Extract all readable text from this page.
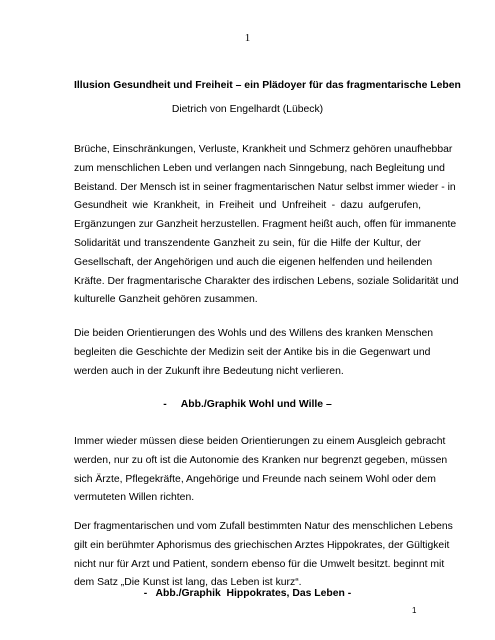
1
Illusion Gesundheit und Freiheit – ein Plädoyer für das fragmentarische Leben
Dietrich von Engelhardt (Lübeck)
Brüche, Einschränkungen, Verluste, Krankheit und Schmerz gehören unaufhebbar
zum menschlichen Leben und verlangen nach Sinngebung, nach Begleitung und
Beistand. Der Mensch ist in seiner fragmentarischen Natur selbst immer wieder - in
Gesundheit wie Krankheit, in Freiheit und Unfreiheit - dazu aufgerufen,
Ergänzungen zur Ganzheit herzustellen. Fragment heißt auch, offen für immanente
Solidarität und transzendente Ganzheit zu sein, für die Hilfe der Kultur, der
Gesellschaft, der Angehörigen und auch die eigenen helfenden und heilenden
Kräfte. Der fragmentarische Charakter des irdischen Lebens, soziale Solidarität und
kulturelle Ganzheit gehören zusammen.
Die beiden Orientierungen des Wohls und des Willens des kranken Menschen
begleiten die Geschichte der Medizin seit der Antike bis in die Gegenwart und
werden auch in der Zukunft ihre Bedeutung nicht verlieren.
-     Abb./Graphik Wohl und Wille –
Immer wieder müssen diese beiden Orientierungen zu einem Ausgleich gebracht
werden, nur zu oft ist die Autonomie des Kranken nur begrenzt gegeben, müssen
sich Ärzte, Pflegekräfte, Angehörige und Freunde nach seinem Wohl oder dem
vermuteten Willen richten.
Der fragmentarischen und vom Zufall bestimmten Natur des menschlichen Lebens
gilt ein berühmter Aphorismus des griechischen Arztes Hippokrates, der Gültigkeit
nicht nur für Arzt und Patient, sondern ebenso für die Umwelt besitzt. beginnt mit
dem Satz „Die Kunst ist lang, das Leben ist kurz“.
-   Abb./Graphik  Hippokrates, Das Leben -
1
